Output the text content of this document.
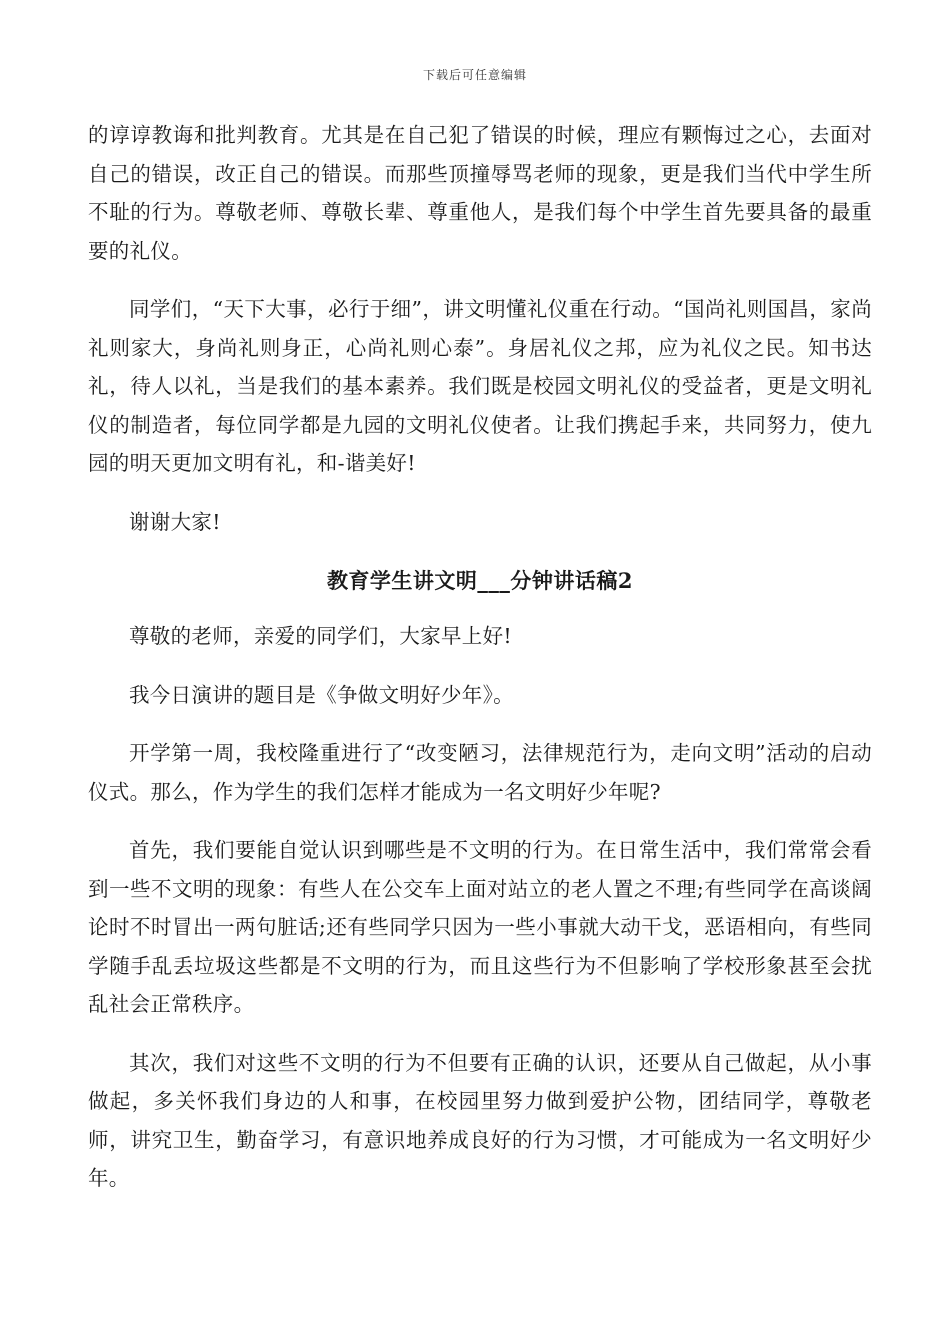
下载后可任意编辑

的谆谆教诲和批判教育。尤其是在自己犯了错误的时候，理应有颗悔过之心，去面对自己的错误，改正自己的错误。而那些顶撞辱骂老师的现象，更是我们当代中学生所不耻的行为。尊敬老师、尊敬长辈、尊重他人，是我们每个中学生首先要具备的最重要的礼仪。

同学们，“天下大事，必行于细”，讲文明懂礼仪重在行动。“国尚礼则国昌，家尚礼则家大，身尚礼则身正，心尚礼则心泰”。身居礼仪之邦，应为礼仪之民。知书达礼，待人以礼，当是我们的基本素养。我们既是校园文明礼仪的受益者，更是文明礼仪的制造者，每位同学都是九园的文明礼仪使者。让我们携起手来，共同努力，使九园的明天更加文明有礼，和-谐美好!

谢谢大家!

教育学生讲文明___分钟讲话稿2

尊敬的老师，亲爱的同学们，大家早上好!

我今日演讲的题目是《争做文明好少年》。

开学第一周，我校隆重进行了“改变陋习，法律规范行为，走向文明”活动的启动仪式。那么，作为学生的我们怎样才能成为一名文明好少年呢?

首先，我们要能自觉认识到哪些是不文明的行为。在日常生活中，我们常常会看到一些不文明的现象：有些人在公交车上面对站立的老人置之不理;有些同学在高谈阔论时不时冒出一两句脏话;还有些同学只因为一些小事就大动干戈，恶语相向，有些同学随手乱丢垃圾这些都是不文明的行为，而且这些行为不但影响了学校形象甚至会扰乱社会正常秩序。

其次，我们对这些不文明的行为不但要有正确的认识，还要从自己做起，从小事做起，多关怀我们身边的人和事，在校园里努力做到爱护公物，团结同学，尊敬老师，讲究卫生，勤奋学习，有意识地养成良好的行为习惯，才可能成为一名文明好少年。
